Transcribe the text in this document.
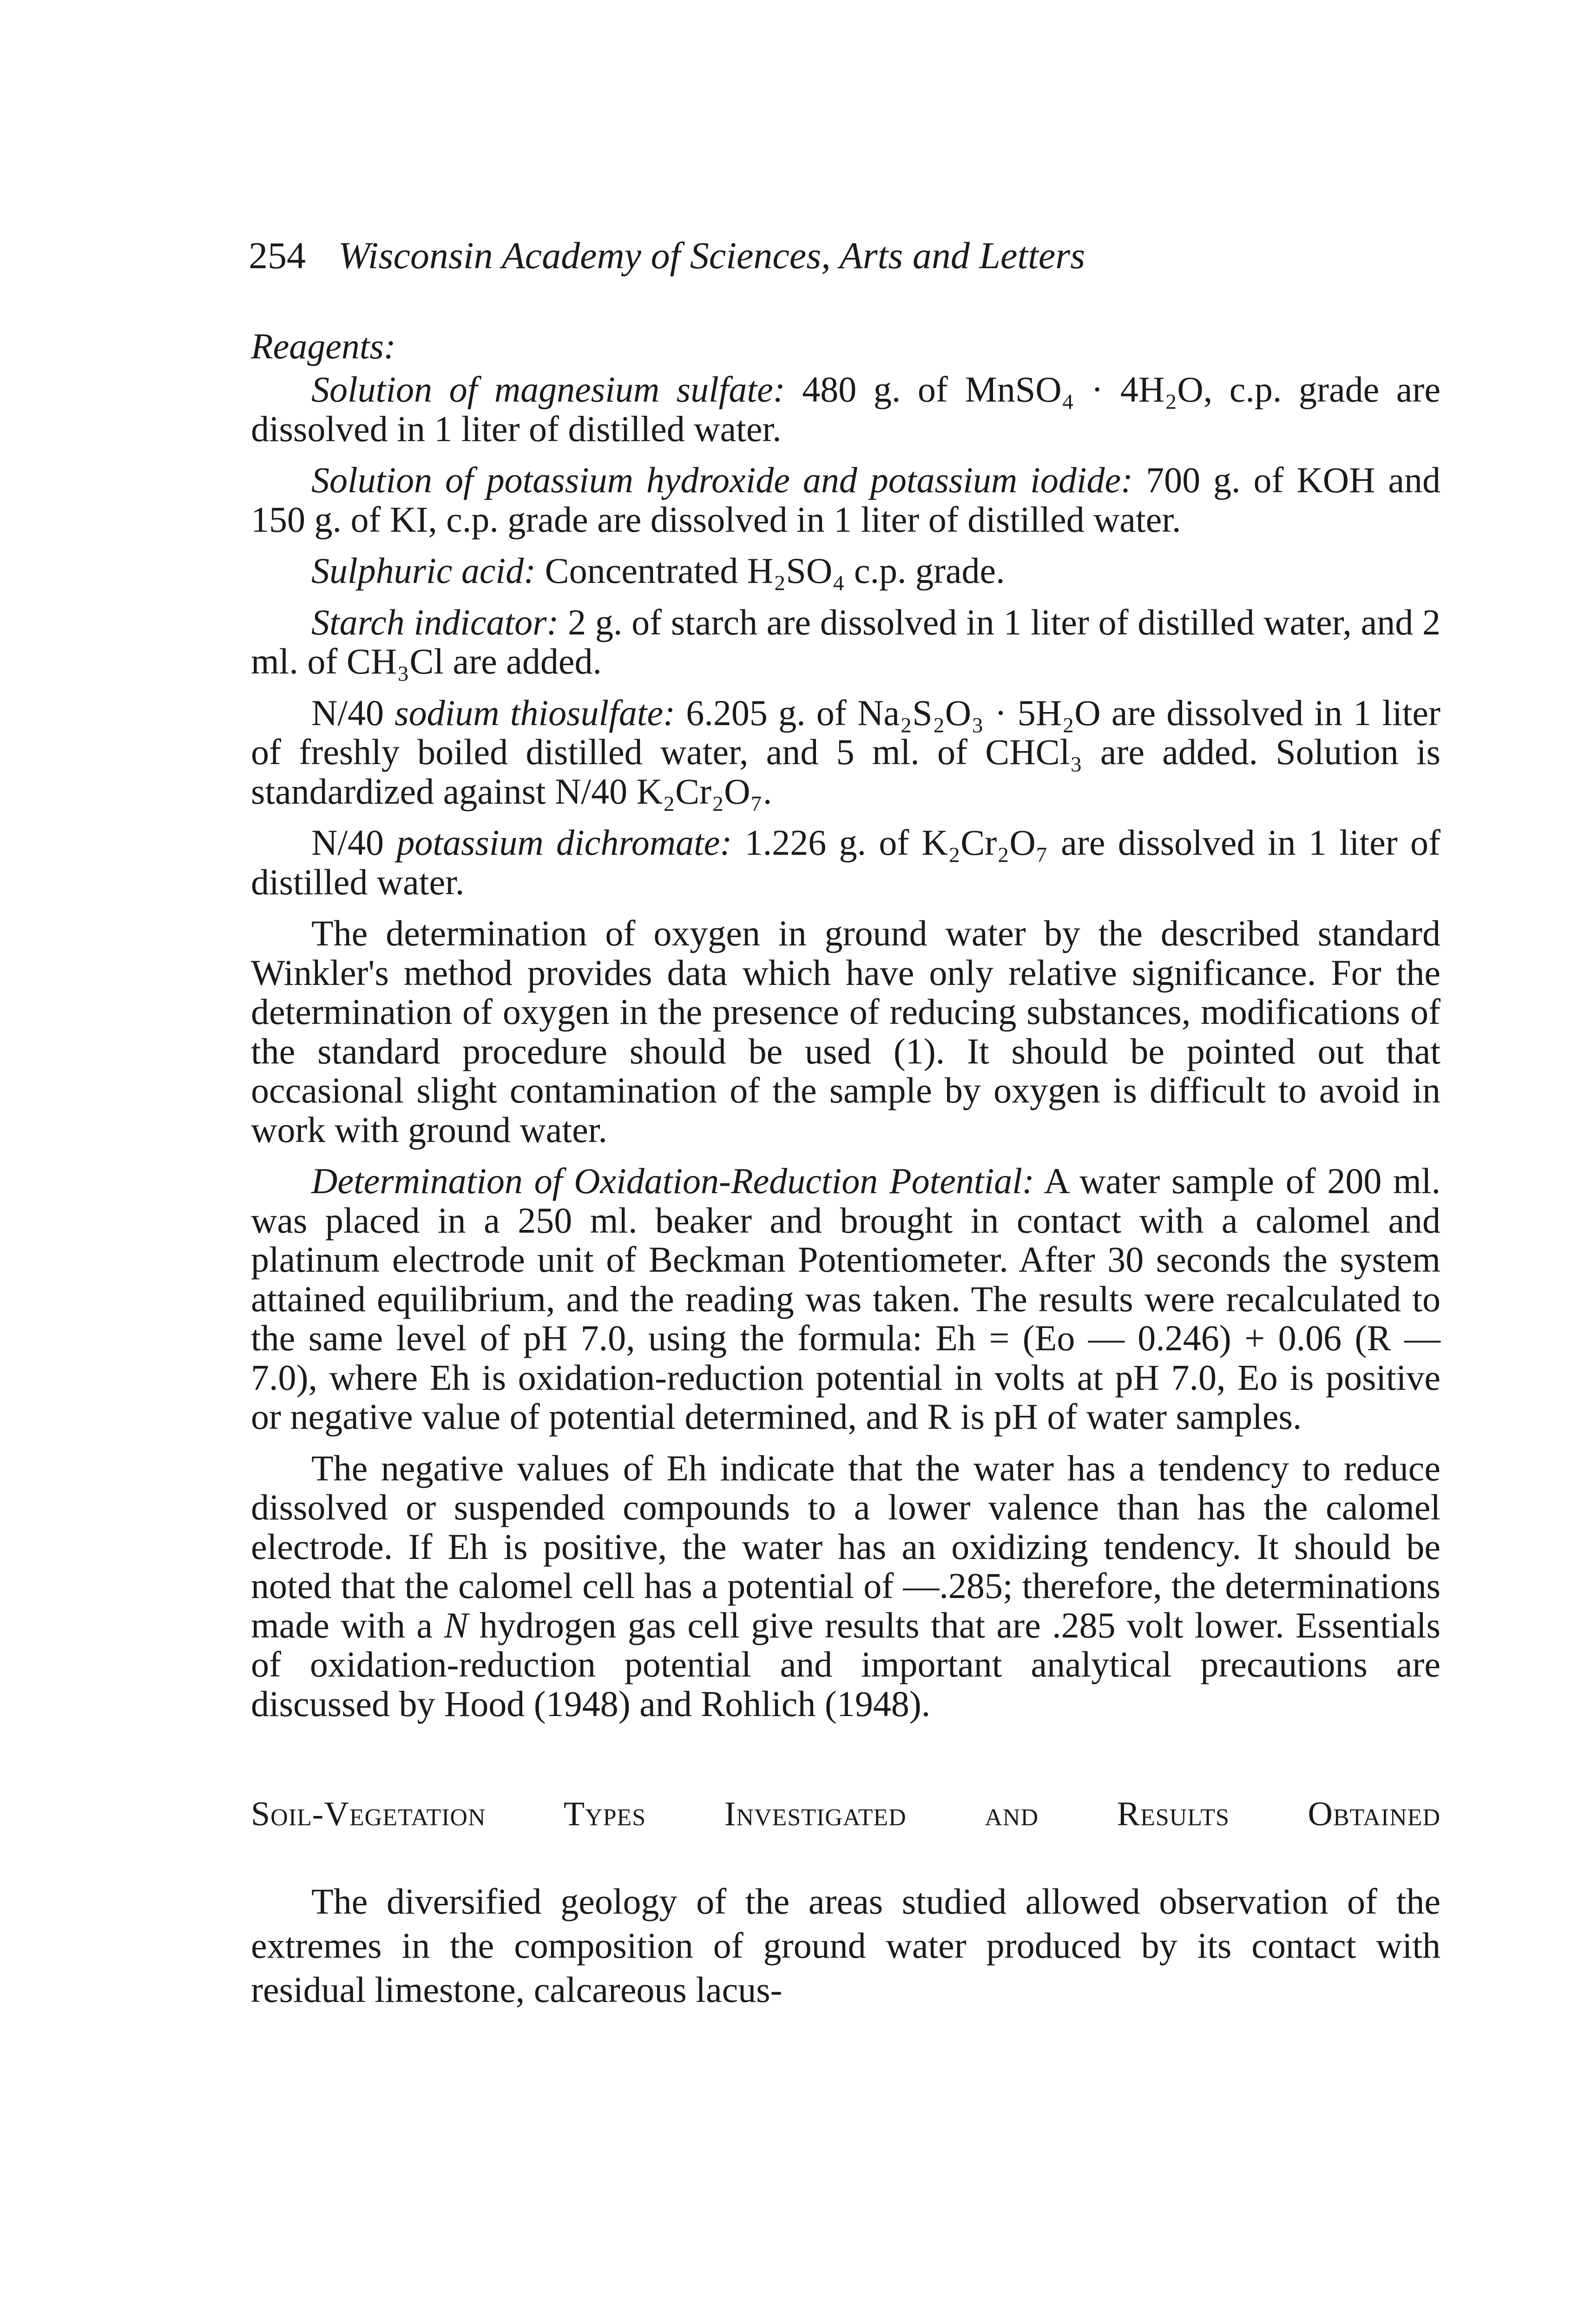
254 Wisconsin Academy of Sciences, Arts and Letters
Reagents:

Solution of magnesium sulfate: 480 g. of MnSO₄ · 4H₂O, c.p. grade are dissolved in 1 liter of distilled water.

Solution of potassium hydroxide and potassium iodide: 700 g. of KOH and 150 g. of KI, c.p. grade are dissolved in 1 liter of distilled water.

Sulphuric acid: Concentrated H₂SO₄ c.p. grade.

Starch indicator: 2 g. of starch are dissolved in 1 liter of distilled water, and 2 ml. of CH₃Cl are added.

N/40 sodium thiosulfate: 6.205 g. of Na₂S₂O₃ · 5H₂O are dissolved in 1 liter of freshly boiled distilled water, and 5 ml. of CHCl₃ are added. Solution is standardized against N/40 K₂Cr₂O₇.

N/40 potassium dichromate: 1.226 g. of K₂Cr₂O₇ are dissolved in 1 liter of distilled water.

The determination of oxygen in ground water by the described standard Winkler's method provides data which have only relative significance. For the determination of oxygen in the presence of reducing substances, modifications of the standard procedure should be used (1). It should be pointed out that occasional slight contamination of the sample by oxygen is difficult to avoid in work with ground water.

Determination of Oxidation-Reduction Potential: A water sample of 200 ml. was placed in a 250 ml. beaker and brought in contact with a calomel and platinum electrode unit of Beckman Potentiometer. After 30 seconds the system attained equilibrium, and the reading was taken. The results were recalculated to the same level of pH 7.0, using the formula: Eh = (Eo — 0.246) + 0.06 (R — 7.0), where Eh is oxidation-reduction potential in volts at pH 7.0, Eo is positive or negative value of potential determined, and R is pH of water samples.

The negative values of Eh indicate that the water has a tendency to reduce dissolved or suspended compounds to a lower valence than has the calomel electrode. If Eh is positive, the water has an oxidizing tendency. It should be noted that the calomel cell has a potential of —.285; therefore, the determinations made with a N hydrogen gas cell give results that are .285 volt lower. Essentials of oxidation-reduction potential and important analytical precautions are discussed by Hood (1948) and Rohlich (1948).

Soil-Vegetation Types Investigated and Results Obtained

The diversified geology of the areas studied allowed observation of the extremes in the composition of ground water produced by its contact with residual limestone, calcareous lacus-
